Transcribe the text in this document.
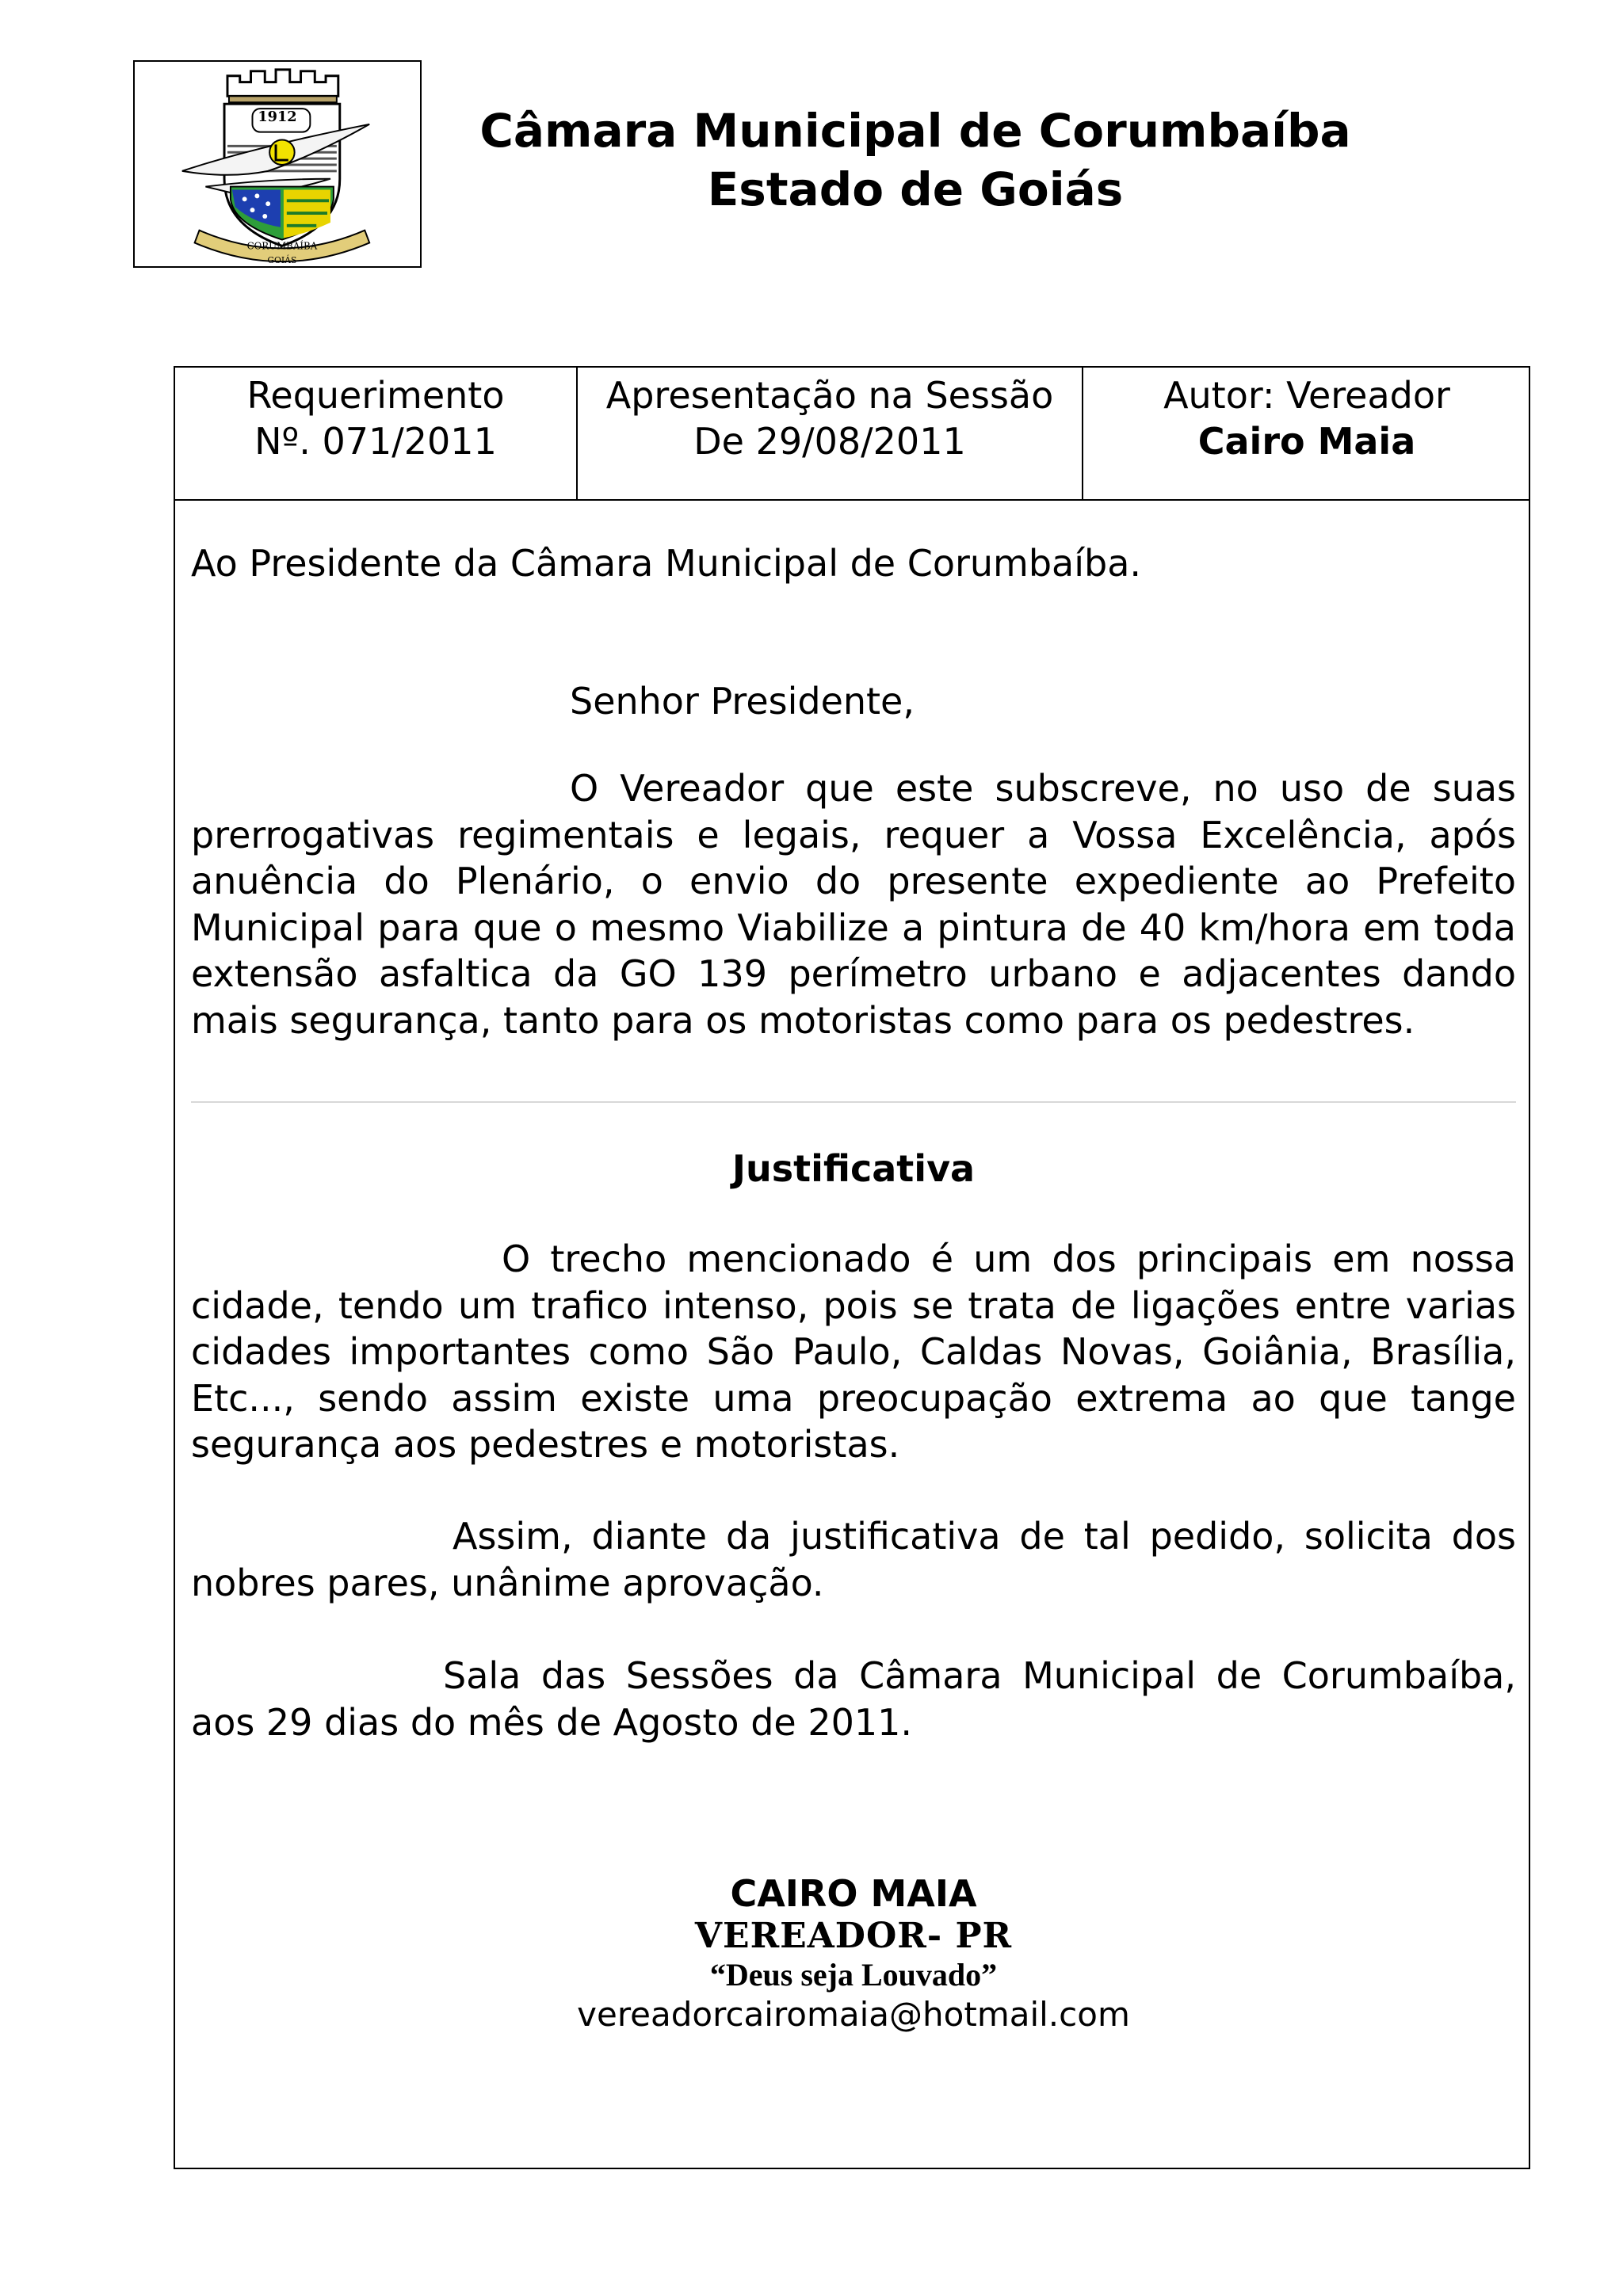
1912
CORUMBAÍBA
GOIÁS
Câmara Municipal de Corumbaíba
Estado de Goiás
Requerimento
Nº. 071/2011
Apresentação na Sessão
De 29/08/2011
Autor: Vereador
Cairo Maia
Ao Presidente da Câmara Municipal de Corumbaíba.
Senhor Presidente,
O Vereador que este subscreve, no uso de suas prerrogativas regimentais e legais, requer a Vossa Excelência, após anuência do Plenário, o envio do presente expediente ao Prefeito Municipal para que o mesmo Viabilize a pintura de 40 km/hora em toda extensão asfaltica da GO 139 perímetro urbano e adjacentes dando mais segurança, tanto para os motoristas como para os pedestres.
Justificativa
O trecho mencionado é um dos principais em nossa cidade, tendo um trafico intenso, pois se trata de ligações entre varias cidades importantes como São Paulo, Caldas Novas, Goiânia, Brasília, Etc..., sendo assim existe uma preocupação extrema ao que tange segurança aos pedestres e motoristas.
Assim, diante da justificativa de tal pedido, solicita dos nobres pares, unânime aprovação.
Sala das Sessões da Câmara Municipal de Corumbaíba, aos 29 dias do mês de Agosto de 2011.
CAIRO MAIA
VEREADOR- PR
“Deus seja Louvado”
vereadorcairomaia@hotmail.com
